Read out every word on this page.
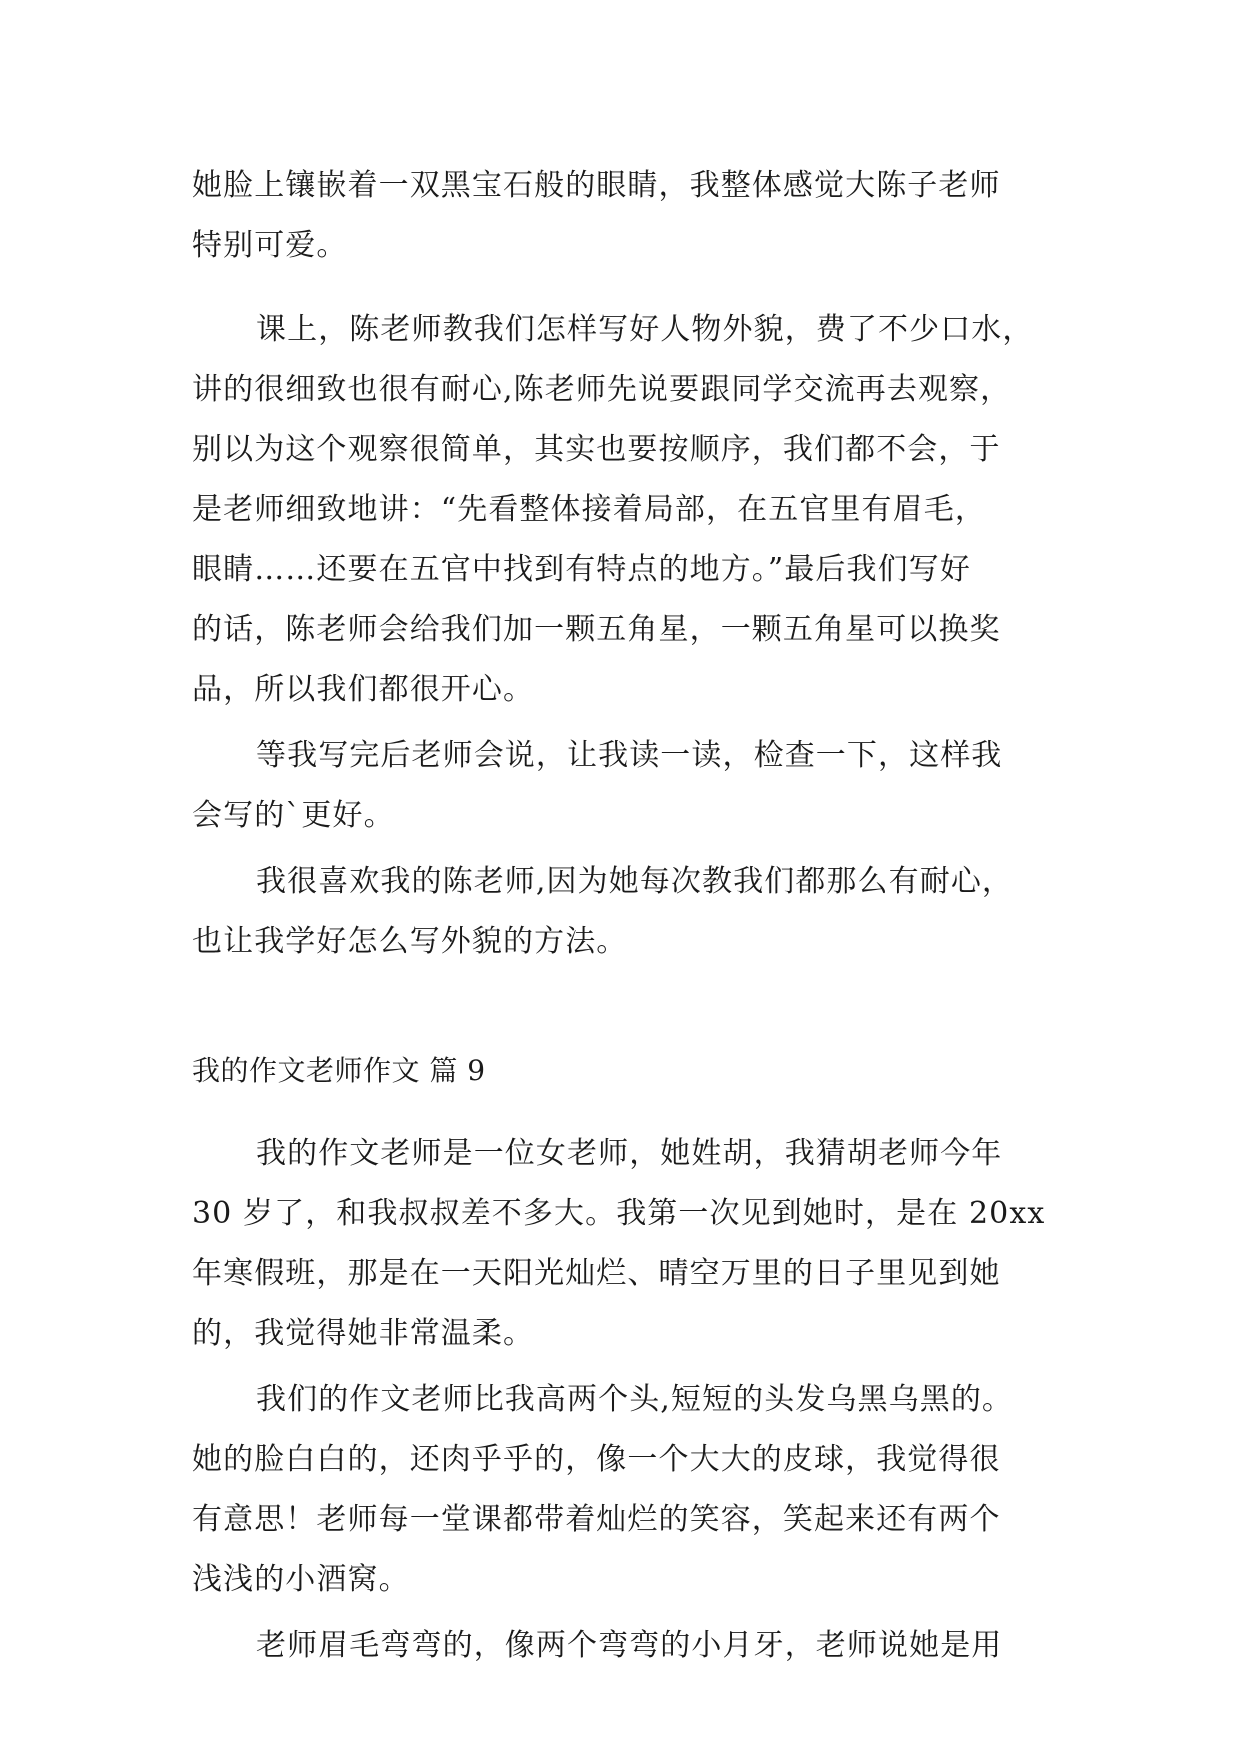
她脸上镶嵌着一双黑宝石般的眼睛，我整体感觉大陈子老师
特别可爱。
课上，陈老师教我们怎样写好人物外貌，费了不少口水，
讲的很细致也很有耐心,陈老师先说要跟同学交流再去观察，
别以为这个观察很简单，其实也要按顺序，我们都不会，于
是老师细致地讲：“先看整体接着局部，在五官里有眉毛，
眼睛……还要在五官中找到有特点的地方。”最后我们写好
的话，陈老师会给我们加一颗五角星，一颗五角星可以换奖
品，所以我们都很开心。
等我写完后老师会说，让我读一读，检查一下，这样我
会写的`更好。
我很喜欢我的陈老师,因为她每次教我们都那么有耐心，
也让我学好怎么写外貌的方法。
我的作文老师作文 篇 9
我的作文老师是一位女老师，她姓胡，我猜胡老师今年
30 岁了，和我叔叔差不多大。我第一次见到她时，是在 20xx
年寒假班，那是在一天阳光灿烂、晴空万里的日子里见到她
的，我觉得她非常温柔。
我们的作文老师比我高两个头,短短的头发乌黑乌黑的。
她的脸白白的，还肉乎乎的，像一个大大的皮球，我觉得很
有意思！老师每一堂课都带着灿烂的笑容，笑起来还有两个
浅浅的小酒窝。
老师眉毛弯弯的，像两个弯弯的小月牙，老师说她是用
